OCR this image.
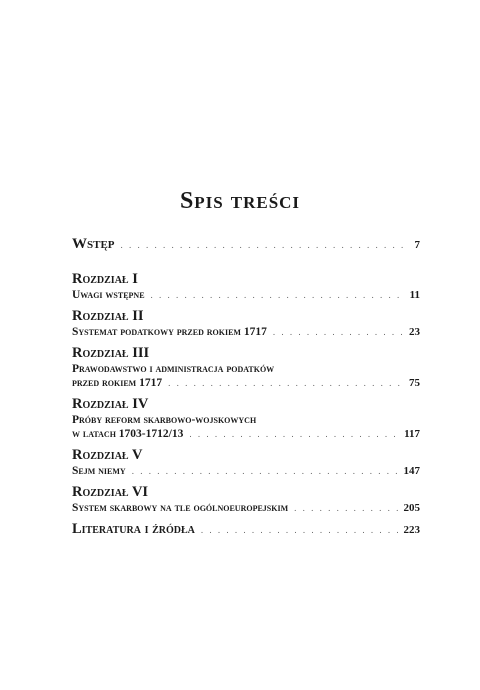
Spis treści
Wstęp . . .	7
Rozdział I
Uwagi wstępne . . .	11
Rozdział II
Systemat podatkowy przed rokiem 1717 . . .	23
Rozdział III
Prawodawstwo i administracja podatków
przed rokiem 1717 . . .	75
Rozdział IV
Próby reform skarbowo-wojskowych
w latach 1703-1712/13 . . .	117
Rozdział V
Sejm niemy . . .	147
Rozdział VI
System skarbowy na tle ogólnoeuropejskim . . .	205
Literatura i źródła . . .	223
